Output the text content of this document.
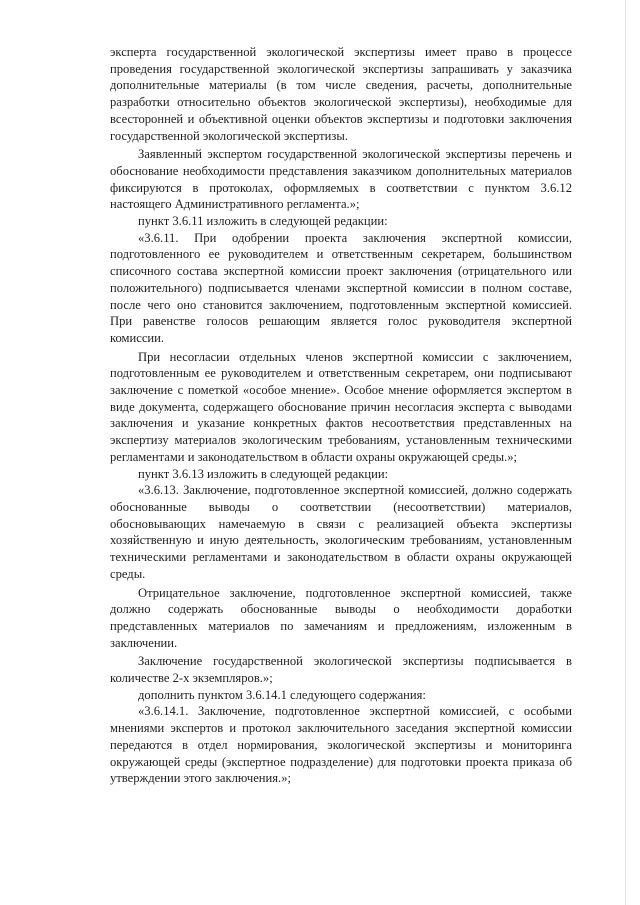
эксперта государственной экологической экспертизы имеет право в процессе проведения государственной экологической экспертизы запрашивать у заказчика дополнительные материалы (в том числе сведения, расчеты, дополнительные разработки относительно объектов экологической экспертизы), необходимые для всесторонней и объективной оценки объектов экспертизы и подготовки заключения государственной экологической экспертизы.

Заявленный экспертом государственной экологической экспертизы перечень и обоснование необходимости представления заказчиком дополнительных материалов фиксируются в протоколах, оформляемых в соответствии с пунктом 3.6.12 настоящего Административного регламента.»;

пункт 3.6.11 изложить в следующей редакции:

«3.6.11. При одобрении проекта заключения экспертной комиссии, подготовленного ее руководителем и ответственным секретарем, большинством списочного состава экспертной комиссии проект заключения (отрицательного или положительного) подписывается членами экспертной комиссии в полном составе, после чего оно становится заключением, подготовленным экспертной комиссией. При равенстве голосов решающим является голос руководителя экспертной комиссии.

При несогласии отдельных членов экспертной комиссии с заключением, подготовленным ее руководителем и ответственным секретарем, они подписывают заключение с пометкой «особое мнение». Особое мнение оформляется экспертом в виде документа, содержащего обоснование причин несогласия эксперта с выводами заключения и указание конкретных фактов несоответствия представленных на экспертизу материалов экологическим требованиям, установленным техническими регламентами и законодательством в области охраны окружающей среды.»;

пункт 3.6.13 изложить в следующей редакции:

«3.6.13. Заключение, подготовленное экспертной комиссией, должно содержать обоснованные выводы о соответствии (несоответствии) материалов, обосновывающих намечаемую в связи с реализацией объекта экспертизы хозяйственную и иную деятельность, экологическим требованиям, установленным техническими регламентами и законодательством в области охраны окружающей среды.

Отрицательное заключение, подготовленное экспертной комиссией, также должно содержать обоснованные выводы о необходимости доработки представленных материалов по замечаниям и предложениям, изложенным в заключении.

Заключение государственной экологической экспертизы подписывается в количестве 2-х экземпляров.»;

дополнить пунктом 3.6.14.1 следующего содержания:

«3.6.14.1. Заключение, подготовленное экспертной комиссией, с особыми мнениями экспертов и протокол заключительного заседания экспертной комиссии передаются в отдел нормирования, экологической экспертизы и мониторинга окружающей среды (экспертное подразделение) для подготовки проекта приказа об утверждении этого заключения.»;
